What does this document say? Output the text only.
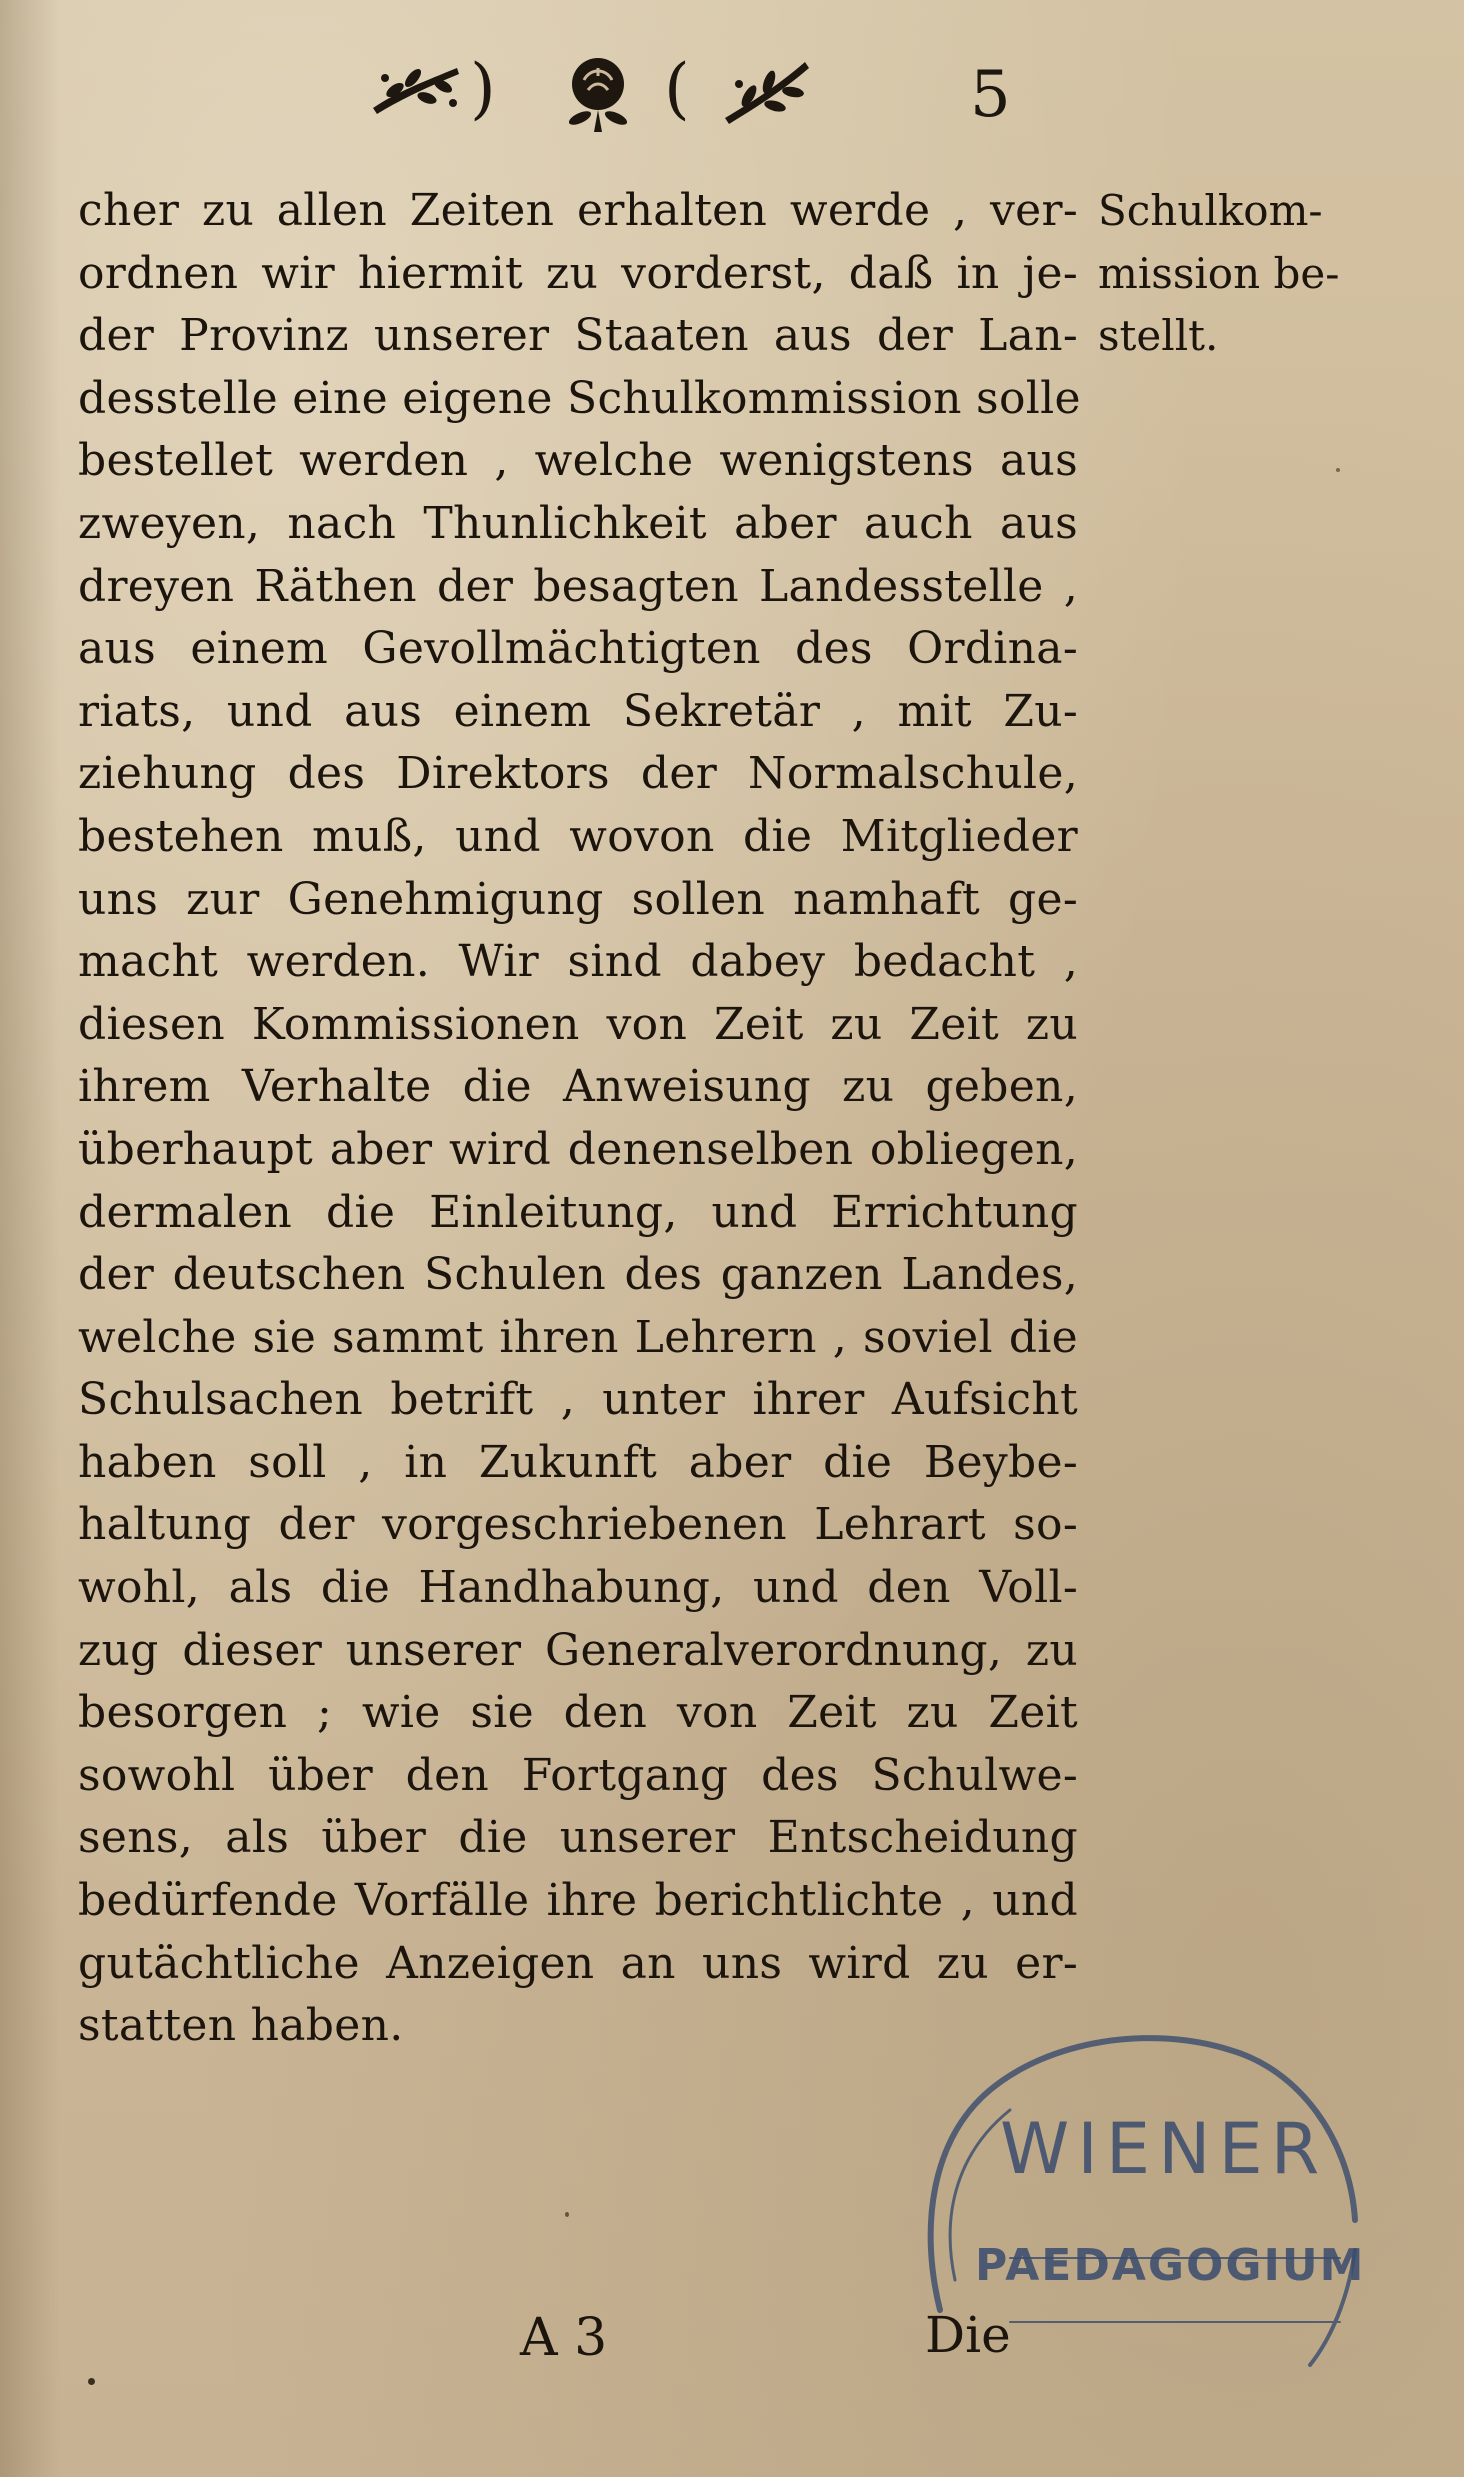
)	(	5
cher zu allen Zeiten erhalten werde , ver-
ordnen wir hiermit zu vorderst, daß in je-
der Provinz unserer Staaten aus der Lan-
desstelle eine eigene Schulkommission solle
bestellet werden , welche wenigstens aus
zweyen, nach Thunlichkeit aber auch aus
dreyen Räthen der besagten Landesstelle ,
aus einem Gevollmächtigten des Ordina-
riats, und aus einem Sekretär , mit Zu-
ziehung des Direktors der Normalschule,
bestehen muß, und wovon die Mitglieder
uns zur Genehmigung sollen namhaft ge-
macht werden. Wir sind dabey bedacht ,
diesen Kommissionen von Zeit zu Zeit zu
ihrem Verhalte die Anweisung zu geben,
überhaupt aber wird denenselben obliegen,
dermalen die Einleitung, und Errichtung
der deutschen Schulen des ganzen Landes,
welche sie sammt ihren Lehrern , soviel die
Schulsachen betrift , unter ihrer Aufsicht
haben soll , in Zukunft aber die Beybe-
haltung der vorgeschriebenen Lehrart so-
wohl, als die Handhabung, und den Voll-
zug dieser unserer Generalverordnung, zu
besorgen ; wie sie den von Zeit zu Zeit
sowohl über den Fortgang des Schulwe-
sens, als über die unserer Entscheidung
bedürfende Vorfälle ihre berichtlichte , und
gutächtliche Anzeigen an uns wird zu er-
statten haben.
Schulkom-
mission be-
stellt.
WIENER
PAEDAGOGIUM
A 3	Die
